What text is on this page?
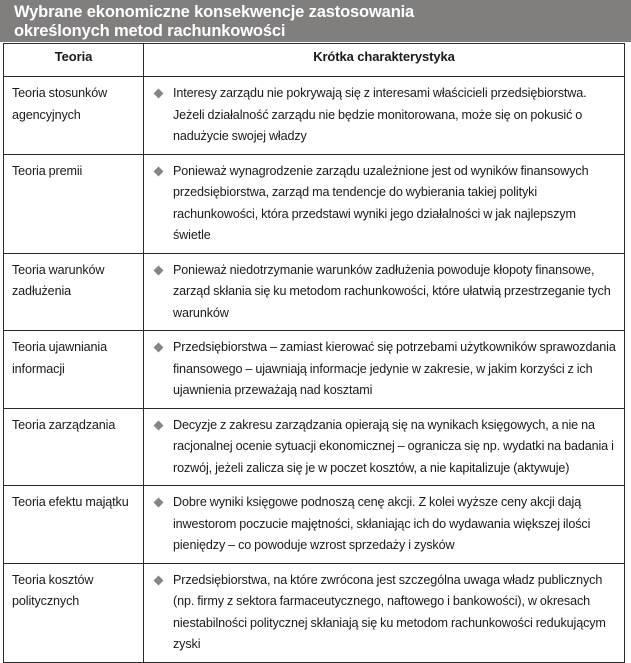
Wybrane ekonomiczne konsekwencje zastosowania
określonych metod rachunkowości
Teoria	Krótka charakterystyka
Teoria stosunków agencyjnych	Interesy zarządu nie pokrywają się z interesami właścicieli przedsiębiorstwa. Jeżeli działalność zarządu nie będzie monitorowana, może się on pokusić o nadużycie swojej władzy

Teoria premii	Ponieważ wynagrodzenie zarządu uzależnione jest od wyników finansowych przedsiębiorstwa, zarząd ma tendencje do wybierania takiej polityki rachunkowości, która przedstawi wyniki jego działalności w jak najlepszym świetle

Teoria warunków zadłużenia	Ponieważ niedotrzymanie warunków zadłużenia powoduje kłopoty finansowe, zarząd skłania się ku metodom rachunkowości, które ułatwią przestrzeganie tych warunków

Teoria ujawniania informacji	Przedsiębiorstwa – zamiast kierować się potrzebami użytkowników sprawozdania finansowego – ujawniają informacje jedynie w zakresie, w jakim korzyści z ich ujawnienia przeważają nad kosztami

Teoria zarządzania	Decyzje z zakresu zarządzania opierają się na wynikach księgowych, a nie na racjonalnej ocenie sytuacji ekonomicznej – ogranicza się np. wydatki na badania i rozwój, jeżeli zalicza się je w poczet kosztów, a nie kapitalizuje (aktywuje)

Teoria efektu majątku	Dobre wyniki księgowe podnoszą cenę akcji. Z kolei wyższe ceny akcji dają inwestorom poczucie majętności, skłaniając ich do wydawania większej ilości pieniędzy – co powoduje wzrost sprzedaży i zysków

Teoria kosztów politycznych	Przedsiębiorstwa, na które zwrócona jest szczególna uwaga władz publicznych (np. firmy z sektora farmaceutycznego, naftowego i bankowości), w okresach niestabilności politycznej skłaniają się ku metodom rachunkowości redukującym zyski
